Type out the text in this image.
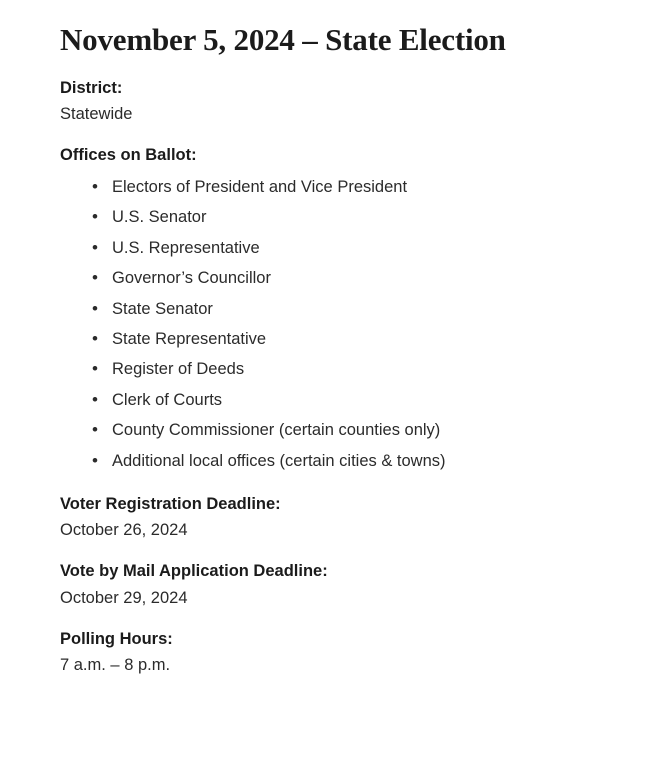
November 5, 2024 – State Election

District:

Statewide

Offices on Ballot:

• Electors of President and Vice President
• U.S. Senator
• U.S. Representative
• Governor’s Councillor
• State Senator
• State Representative
• Register of Deeds
• Clerk of Courts
• County Commissioner (certain counties only)
• Additional local offices (certain cities & towns)

Voter Registration Deadline:

October 26, 2024

Vote by Mail Application Deadline:

October 29, 2024

Polling Hours:

7 a.m. – 8 p.m.
